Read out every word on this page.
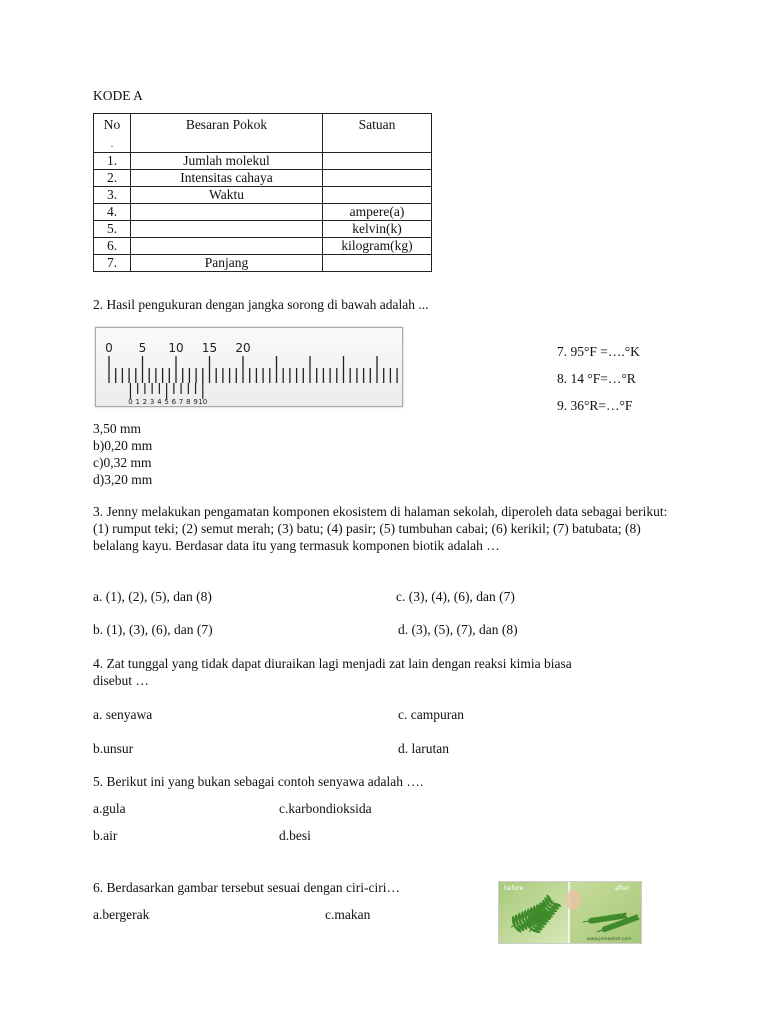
KODE A
No
.	Besaran Pokok	Satuan
1.	Jumlah molekul	
2.	Intensitas cahaya	
3.	Waktu	
4.		ampere(a)
5.		kelvin(k)
6.		kilogram(kg)
7.	Panjang	
2. Hasil pengukuran dengan jangka sorong di bawah adalah ...
0 5 10 15 20
0 1 2 3 4 5 6 7 8 9 10
3,50 mm
b)0,20 mm
c)0,32 mm
d)3,20 mm
7. 95°F =….°K
8. 14 °F=…°R
9. 36°R=…°F
3. Jenny melakukan pengamatan komponen ekosistem di halaman sekolah, diperoleh data sebagai berikut: (1) rumput teki; (2) semut merah; (3) batu; (4) pasir; (5) tumbuhan cabai; (6) kerikil; (7) batubata; (8) belalang kayu. Berdasar data itu yang termasuk komponen biotik adalah …
a. (1), (2), (5), dan (8)	c. (3), (4), (6), dan (7)
b. (1), (3), (6), dan (7)	d. (3), (5), (7), dan (8)
4. Zat tunggal yang tidak dapat diuraikan lagi menjadi zat lain dengan reaksi kimia biasa
disebut …
a. senyawa	c. campuran
b.unsur	d. larutan
5. Berikut ini yang bukan sebagai contoh senyawa adalah ….
a.gula	c.karbondioksida
b.air	d.besi
6. Berdasarkan gambar tersebut sesuai dengan ciri-ciri…
a.bergerak	c.makan
before	after
www.jamaahot.com
